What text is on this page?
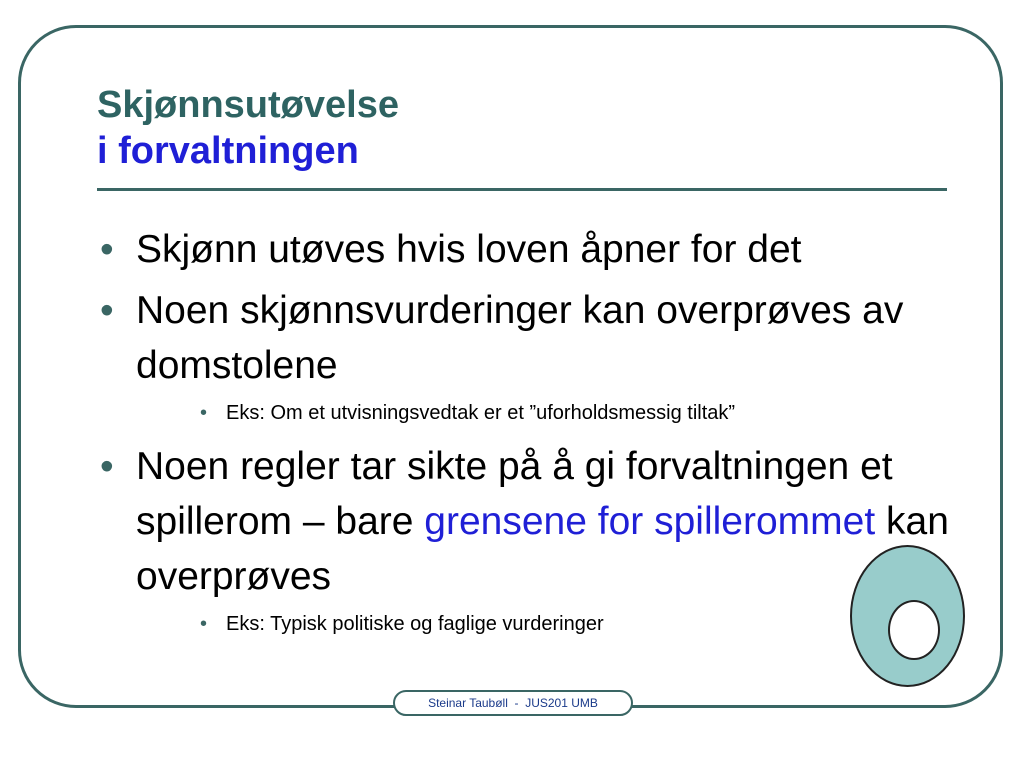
Skjønnsutøvelse
i forvaltningen
• Skjønn utøves hvis loven åpner for det
• Noen skjønnsvurderinger kan overprøves av domstolene
• Eks: Om et utvisningsvedtak er et ”uforholdsmessig tiltak”
• Noen regler tar sikte på å gi forvaltningen et spillerom – bare grensene for spillerommet kan overprøves
• Eks: Typisk politiske og faglige vurderinger
Steinar Taubøll  -  JUS201 UMB
